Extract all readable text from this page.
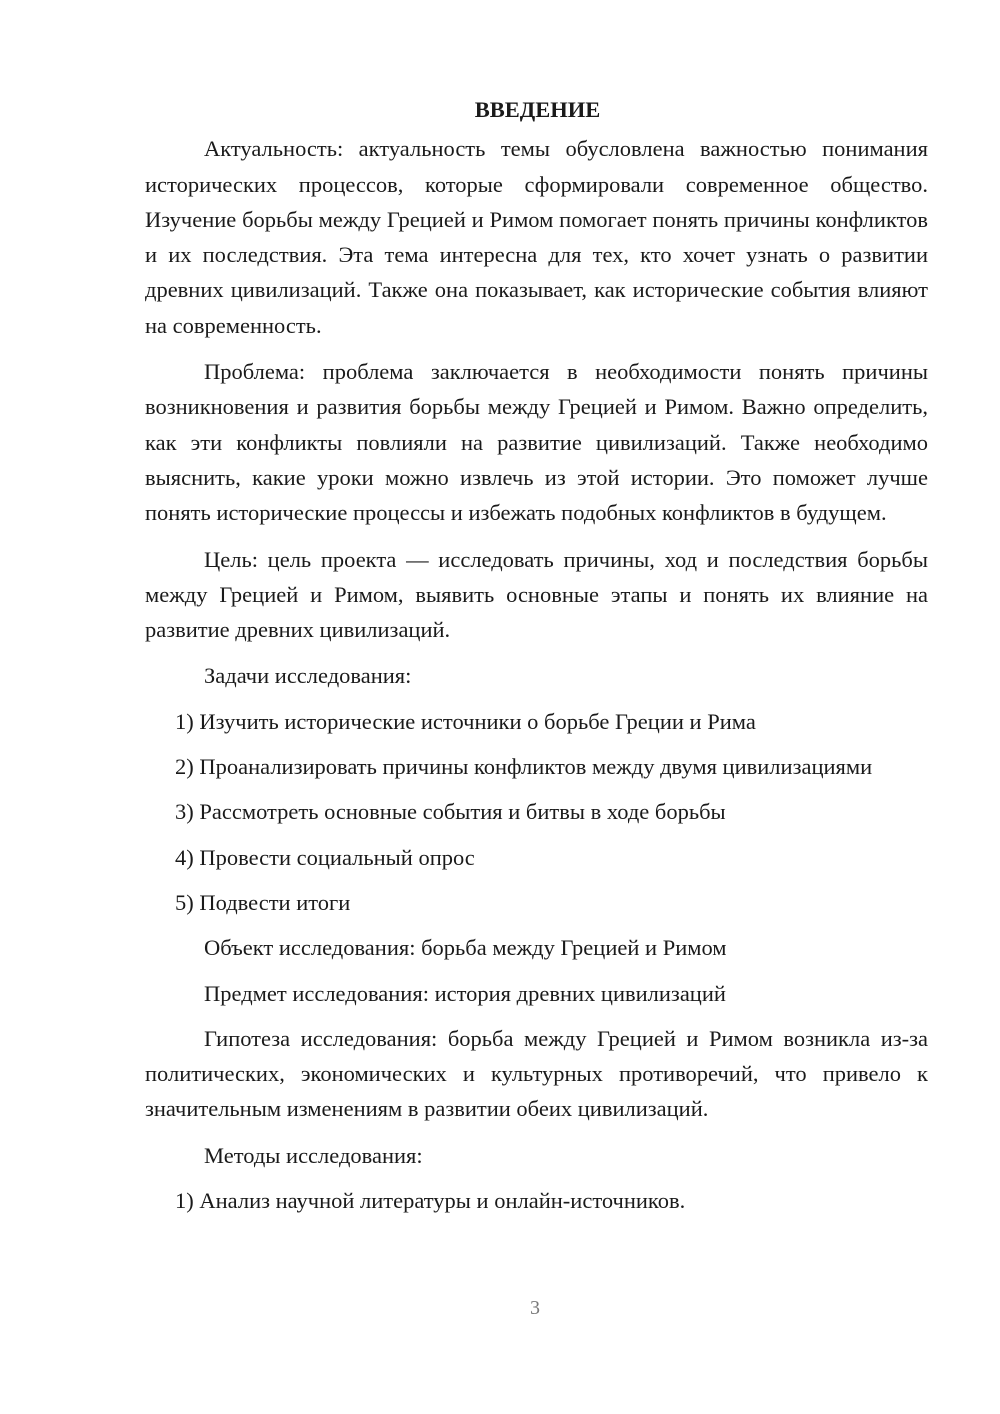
ВВЕДЕНИЕ

Актуальность: актуальность темы обусловлена важностью понимания исторических процессов, которые сформировали современное общество. Изучение борьбы между Грецией и Римом помогает понять причины конфликтов и их последствия. Эта тема интересна для тех, кто хочет узнать о развитии древних цивилизаций. Также она показывает, как исторические события влияют на современность.

Проблема: проблема заключается в необходимости понять причины возникновения и развития борьбы между Грецией и Римом. Важно определить, как эти конфликты повлияли на развитие цивилизаций. Также необходимо выяснить, какие уроки можно извлечь из этой истории. Это поможет лучше понять исторические процессы и избежать подобных конфликтов в будущем.

Цель: цель проекта — исследовать причины, ход и последствия борьбы между Грецией и Римом, выявить основные этапы и понять их влияние на развитие древних цивилизаций.

Задачи исследования:

1) Изучить исторические источники о борьбе Греции и Рима

2) Проанализировать причины конфликтов между двумя цивилизациями

3) Рассмотреть основные события и битвы в ходе борьбы

4) Провести социальный опрос

5) Подвести итоги

Объект исследования: борьба между Грецией и Римом

Предмет исследования: история древних цивилизаций

Гипотеза исследования: борьба между Грецией и Римом возникла из-за политических, экономических и культурных противоречий, что привело к значительным изменениям в развитии обеих цивилизаций.

Методы исследования:

1) Анализ научной литературы и онлайн-источников.

3
